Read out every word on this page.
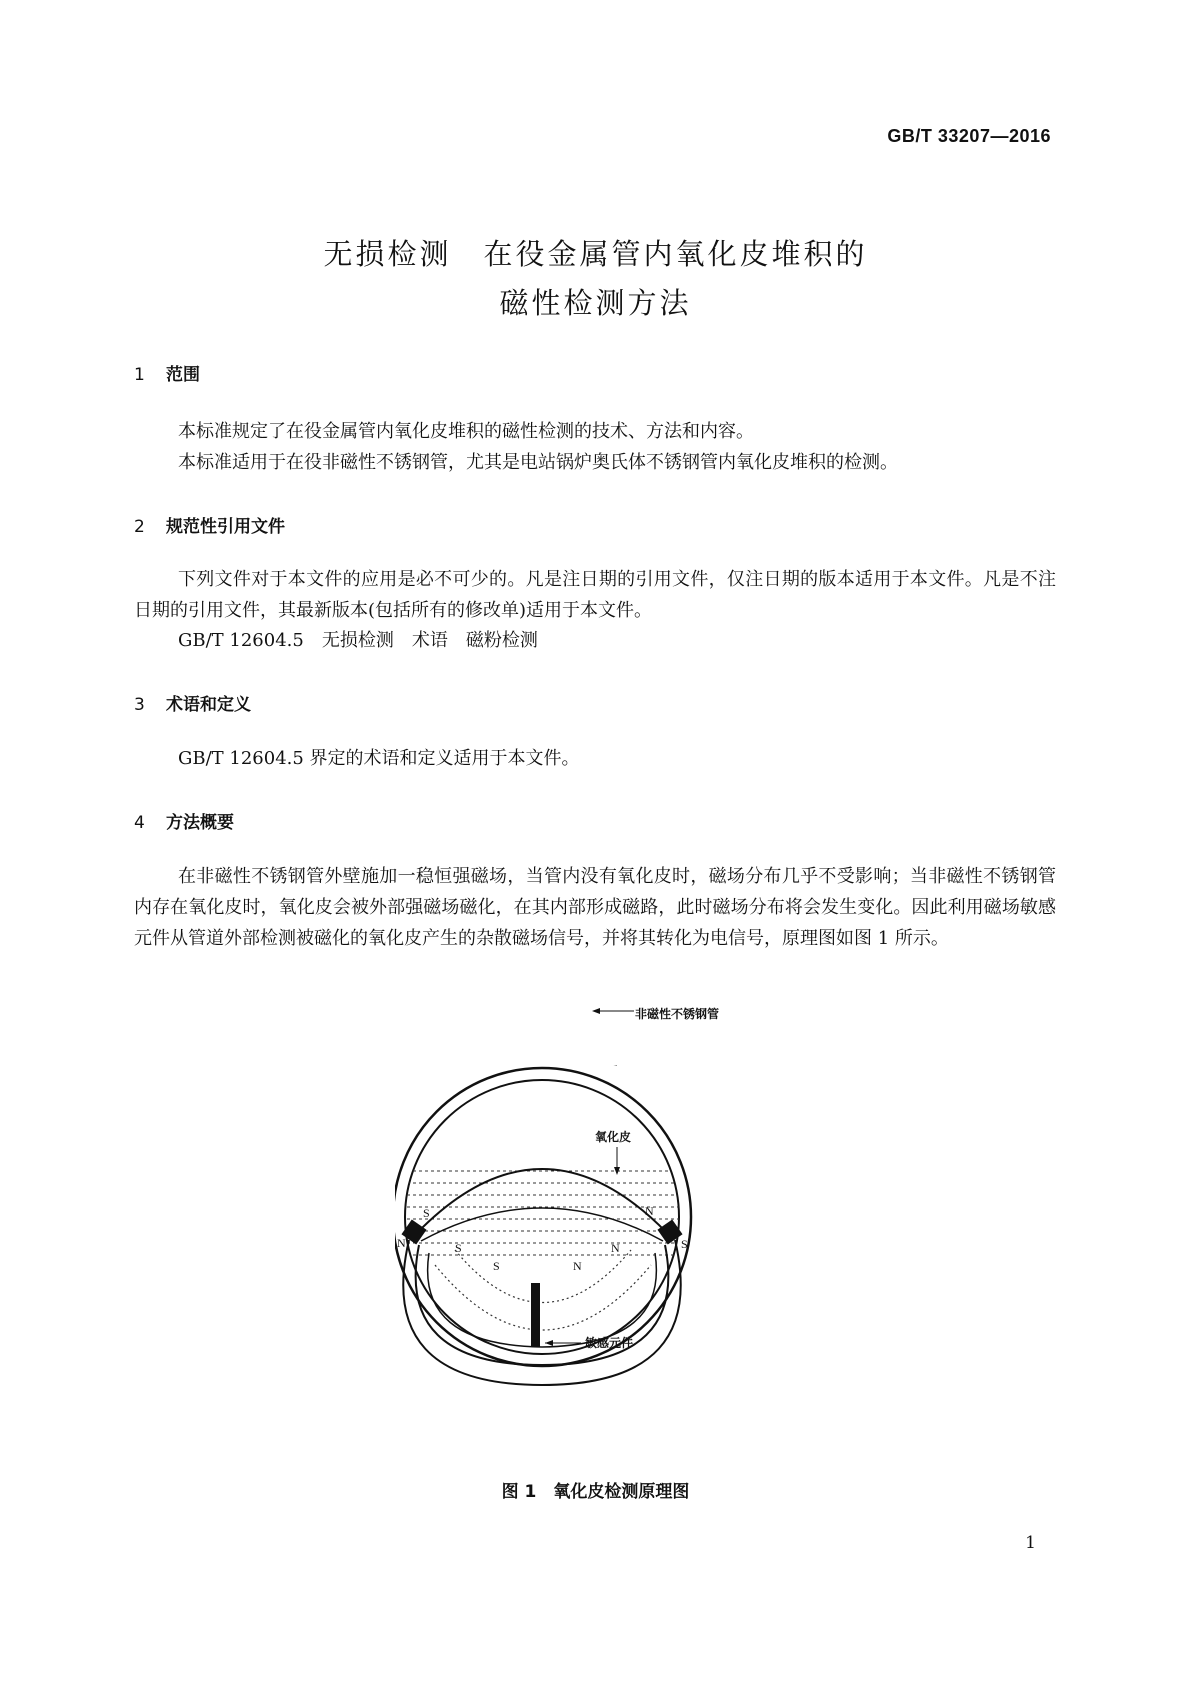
GB/T 33207—2016
无损检测　在役金属管内氧化皮堆积的
磁性检测方法
1 范围
本标准规定了在役金属管内氧化皮堆积的磁性检测的技术、方法和内容。
本标准适用于在役非磁性不锈钢管，尤其是电站锅炉奥氏体不锈钢管内氧化皮堆积的检测。
2 规范性引用文件
下列文件对于本文件的应用是必不可少的。凡是注日期的引用文件，仅注日期的版本适用于本文件。凡是不注日期的引用文件，其最新版本(包括所有的修改单)适用于本文件。
GB/T 12604.5　无损检测　术语　磁粉检测
3 术语和定义
GB/T 12604.5 界定的术语和定义适用于本文件。
4 方法概要
在非磁性不锈钢管外壁施加一稳恒强磁场，当管内没有氧化皮时，磁场分布几乎不受影响；当非磁性不锈钢管内存在氧化皮时，氧化皮会被外部强磁场磁化，在其内部形成磁路，此时磁场分布将会发生变化。因此利用磁场敏感元件从管道外部检测被磁化的氧化皮产生的杂散磁场信号，并将其转化为电信号，原理图如图 1 所示。
N
S	N
S
S	N
S	N
氧化皮
敏感元件
非磁性不锈钢管
图 1　氧化皮检测原理图
1
